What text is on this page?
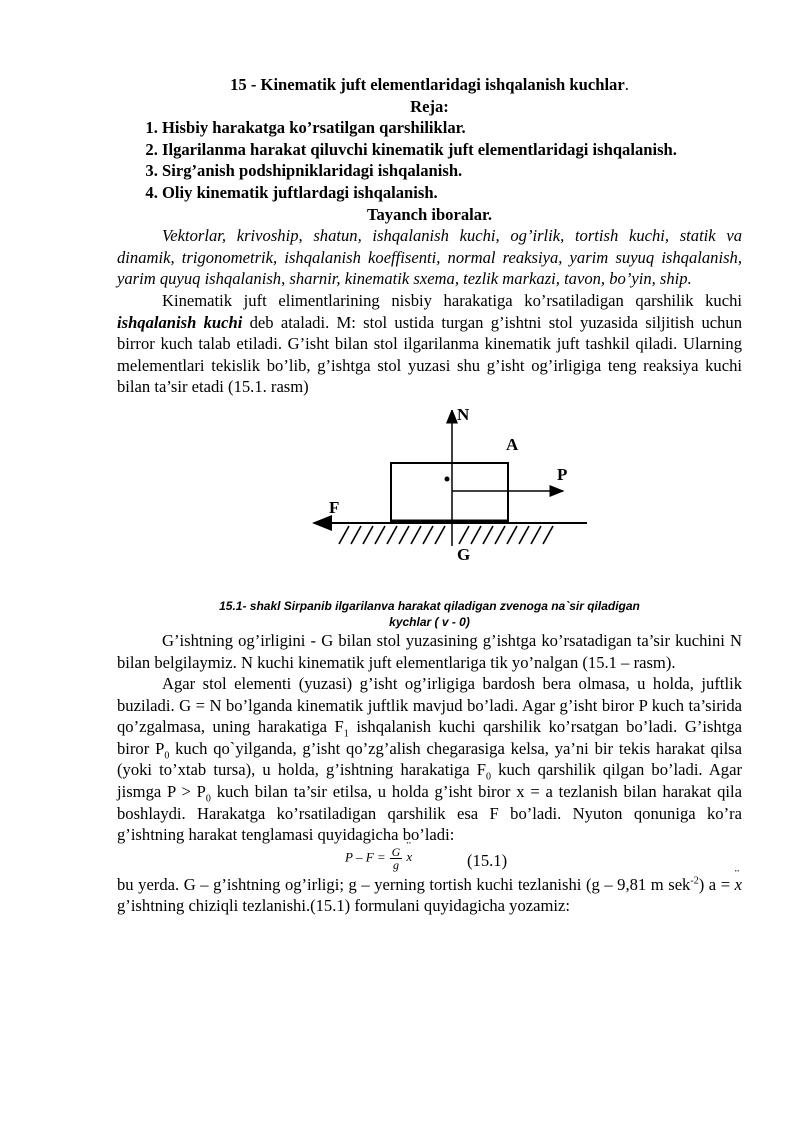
15 - Kinematik juft elementlaridagi ishqalanish kuchlar.
Reja:
1. Hisbiy harakatga ko’rsatilgan qarshiliklar.
2. Ilgarilanma harakat qiluvchi kinematik juft elementlaridagi ishqalanish.
3. Sirg’anish podshipniklaridagi ishqalanish.
4. Oliy kinematik juftlardagi ishqalanish.
Tayanch iboralar.

Vektorlar, krivoship, shatun, ishqalanish kuchi, og’irlik, tortish kuchi, statik va dinamik, trigonometrik, ishqalanish koeffisenti, normal reaksiya, yarim suyuq ishqalanish, yarim quyuq ishqalanish, sharnir, kinematik sxema, tezlik markazi, tavon, bo’yin, ship.

Kinematik juft elimentlarining nisbiy harakatiga ko’rsatiladigan qarshilik kuchi ishqalanish kuchi deb ataladi. M: stol ustida turgan g’ishtni stol yuzasida siljitish uchun birror kuch talab etiladi. G’isht bilan stol ilgarilanma kinematik juft tashkil qiladi. Ularning melementlari tekislik bo’lib, g’ishtga stol yuzasi shu g’isht og’irligiga teng reaksiya kuchi bilan ta’sir etadi (15.1. rasm)

N
A
P
F
G
15.1- shakl Sirpanib ilgarilanva harakat qiladigan zvenoga na`sir qiladigan
kychlar ( v - 0)

G’ishtning og’irligini - G bilan stol yuzasining g’ishtga ko’rsatadigan ta’sir kuchini N bilan belgilaymiz. N kuchi kinematik juft elementlariga tik yo’nalgan (15.1 – rasm).

Agar stol elementi (yuzasi) g’isht og’irligiga bardosh bera olmasa, u holda, juftlik buziladi. G = N bo’lganda kinematik juftlik mavjud bo’ladi. Agar g’isht biror P kuch ta’sirida qo’zgalmasa, uning harakatiga $F_1$ ishqalanish kuchi qarshilik ko’rsatgan bo’ladi. G’ishtga biror $P_0$ kuch qo`yilganda, g’isht qo’zg’alish chegarasiga kelsa, ya’ni bir tekis harakat qilsa (yoki to’xtab tursa), u holda, g’ishtning harakatiga $F_0$ kuch qarshilik qilgan bo’ladi. Agar jismga $P > P_0$ kuch bilan ta’sir etilsa, u holda g’isht biror x = a tezlanish bilan harakat qila boshlaydi. Harakatga ko’rsatiladigan qarshilik esa F bo’ladi. Nyuton qonuniga ko’ra g’ishtning harakat tenglamasi quyidagicha bo’ladi:

$P - F = \frac{G}{g}$
¨ x	(15.1)

bu yerda. G – g’ishtning og’irligi; g – yerning tortish kuchi tezlanishi (g – 9,81 m sek$^{-2}$) a = ¨ x g’ishtning chiziqli tezlanishi.(15.1) formulani quyidagicha yozamiz:
